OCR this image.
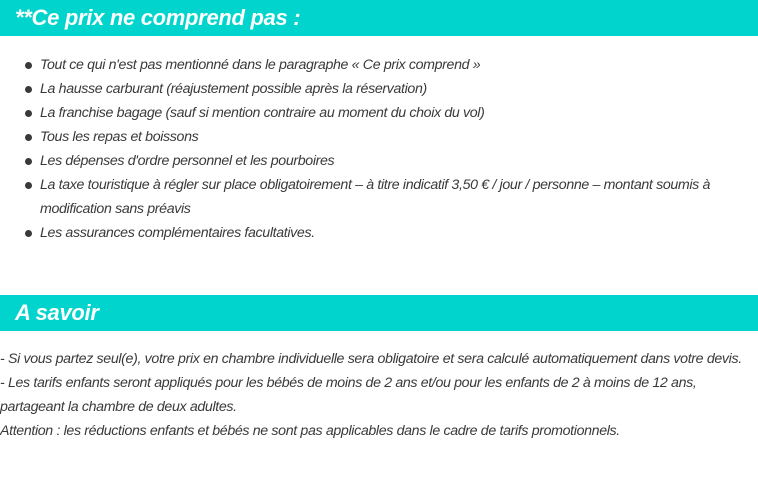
**Ce prix ne comprend pas :
Tout ce qui n'est pas mentionné dans le paragraphe « Ce prix comprend »
La hausse carburant (réajustement possible après la réservation)
La franchise bagage (sauf si mention contraire au moment du choix du vol)
Tous les repas et boissons
Les dépenses d'ordre personnel et les pourboires
La taxe touristique à régler sur place obligatoirement – à titre indicatif 3,50 € / jour / personne – montant soumis à modification sans préavis
Les assurances complémentaires facultatives.
A savoir

- Si vous partez seul(e), votre prix en chambre individuelle sera obligatoire et sera calculé automatiquement dans votre devis.

- Les tarifs enfants seront appliqués pour les bébés de moins de 2 ans et/ou pour les enfants de 2 à moins de 12 ans, partageant la chambre de deux adultes.

Attention : les réductions enfants et bébés ne sont pas applicables dans le cadre de tarifs promotionnels.
